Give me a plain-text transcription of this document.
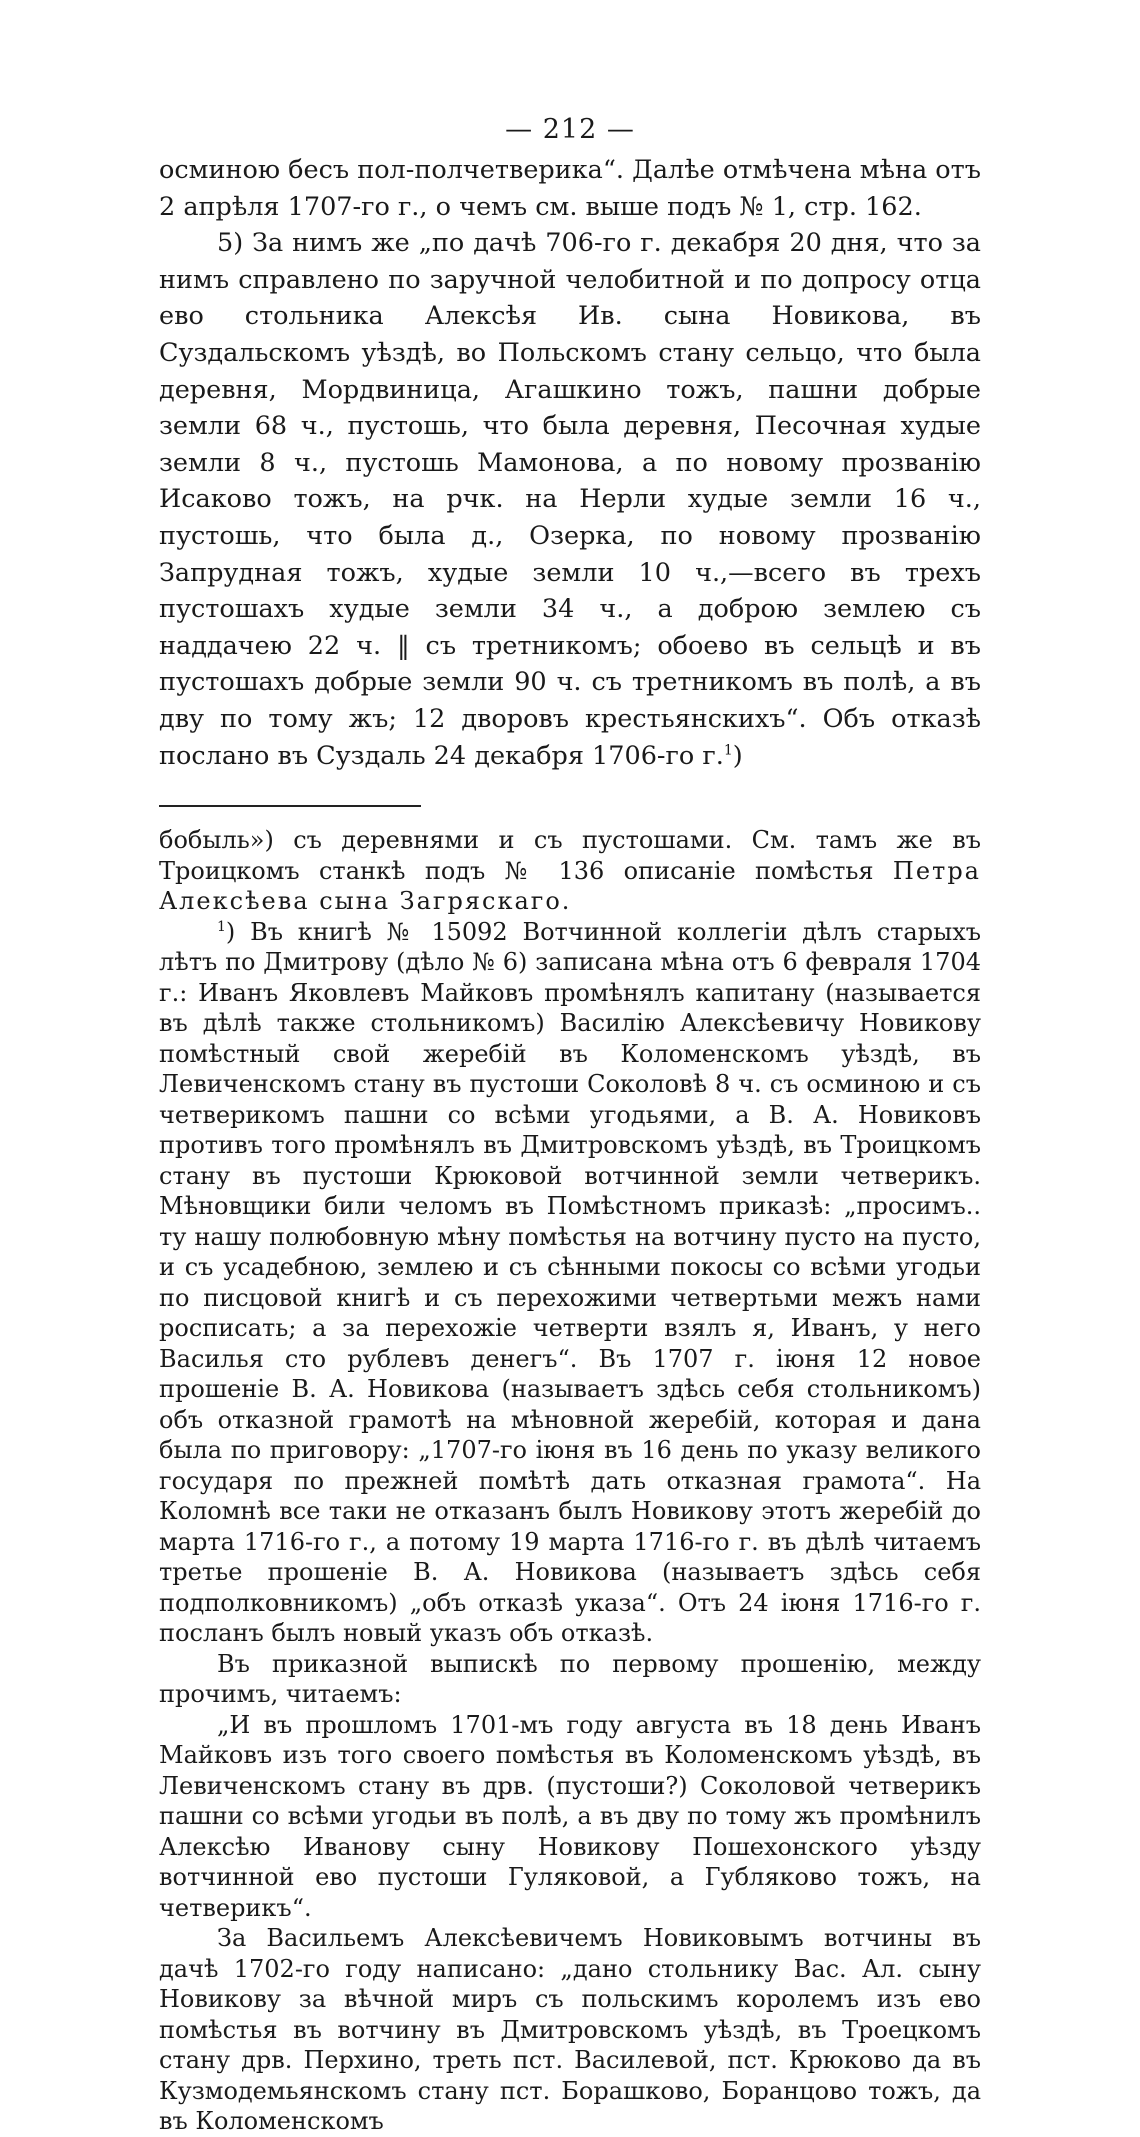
— 212 —

осминою бесъ пол-полчетверика“. Далѣе отмѣчена мѣна отъ 2 апрѣля 1707-го г., о чемъ см. выше подъ № 1, стр. 162.

5) За нимъ же „по дачѣ 706-го г. декабря 20 дня, что за нимъ справлено по заручной челобитной и по допросу отца ево стольника Алексѣя Ив. сына Новикова, въ Суздальскомъ уѣздѣ, во Польскомъ стану сельцо, что была деревня, Мордвиница, Агашкино тожъ, пашни добрые земли 68 ч., пустошь, что была деревня, Песочная худые земли 8 ч., пустошь Мамонова, а по новому прозванію Исаково тожъ, на рчк. на Нерли худые земли 16 ч., пустошь, что была д., Озерка, по новому прозванію Запрудная тожъ, худые земли 10 ч.,—всего въ трехъ пустошахъ худые земли 34 ч., а доброю землею съ наддачею 22 ч. ‖ съ третникомъ; обоево въ сельцѣ и въ пустошахъ добрые земли 90 ч. съ третникомъ въ полѣ, а въ дву по тому жъ; 12 дворовъ крестьянскихъ“. Объ отказѣ послано въ Суздаль 24 декабря 1706-го г.$^1$)

бобыль») съ деревнями и съ пустошами. См. тамъ же въ Троицкомъ станкѣ подъ № 136 описаніе помѣстья Петра Алексѣева сына Загряскаго.

$^1$) Въ книгѣ № 15092 Вотчинной коллегіи дѣлъ старыхъ лѣтъ по Дмитрову (дѣло № 6) записана мѣна отъ 6 февраля 1704 г.: Иванъ Яковлевъ Майковъ промѣнялъ капитану (называется въ дѣлѣ также стольникомъ) Василію Алексѣевичу Новикову помѣстный свой жеребій въ Коломенскомъ уѣздѣ, въ Левиченскомъ стану въ пустоши Соколовѣ 8 ч. съ осминою и съ четверикомъ пашни со всѣми угодьями, а В. А. Новиковъ противъ того промѣнялъ въ Дмитровскомъ уѣздѣ, въ Троицкомъ стану въ пустоши Крюковой вотчинной земли четверикъ. Мѣновщики били челомъ въ Помѣстномъ приказѣ: „просимъ.. ту нашу полюбовную мѣну помѣстья на вотчину пусто на пусто, и съ усадебною, землею и съ сѣнными покосы со всѣми угодьи по писцовой книгѣ и съ перехожими четвертьми межъ нами росписать; а за перехожіе четверти взялъ я, Иванъ, у него Василья сто рублевъ денегъ“. Въ 1707 г. іюня 12 новое прошеніе В. А. Новикова (называетъ здѣсь себя стольникомъ) объ отказной грамотѣ на мѣновной жеребій, которая и дана была по приговору: „1707-го іюня въ 16 день по указу великого государя по прежней помѣтѣ дать отказная грамота“. На Коломнѣ все таки не отказанъ былъ Новикову этотъ жеребій до марта 1716-го г., а потому 19 марта 1716-го г. въ дѣлѣ читаемъ третье прошеніе В. А. Новикова (называетъ здѣсь себя подполковникомъ) „объ отказѣ указа“. Отъ 24 іюня 1716-го г. посланъ былъ новый указъ объ отказѣ.

Въ приказной выпискѣ по первому прошенію, между прочимъ, читаемъ:

„И въ прошломъ 1701-мъ году августа въ 18 день Иванъ Майковъ изъ того своего помѣстья въ Коломенскомъ уѣздѣ, въ Левиченскомъ стану въ дрв. (пустоши?) Соколовой четверикъ пашни со всѣми угодьи въ полѣ, а въ дву по тому жъ промѣнилъ Алексѣю Иванову сыну Новикову Пошехонского уѣзду вотчинной ево пустоши Гуляковой, а Губляково тожъ, на четверикъ“.

За Васильемъ Алексѣевичемъ Новиковымъ вотчины въ дачѣ 1702-го году написано: „дано стольнику Вас. Ал. сыну Новикову за вѣчной миръ съ польскимъ королемъ изъ ево помѣстья въ вотчину въ Дмитровскомъ уѣздѣ, въ Троецкомъ стану дрв. Перхино, треть пст. Василевой, пст. Крюково да въ Кузмодемьянскомъ стану пст. Борашково, Боранцово тожъ, да въ Коломенскомъ
